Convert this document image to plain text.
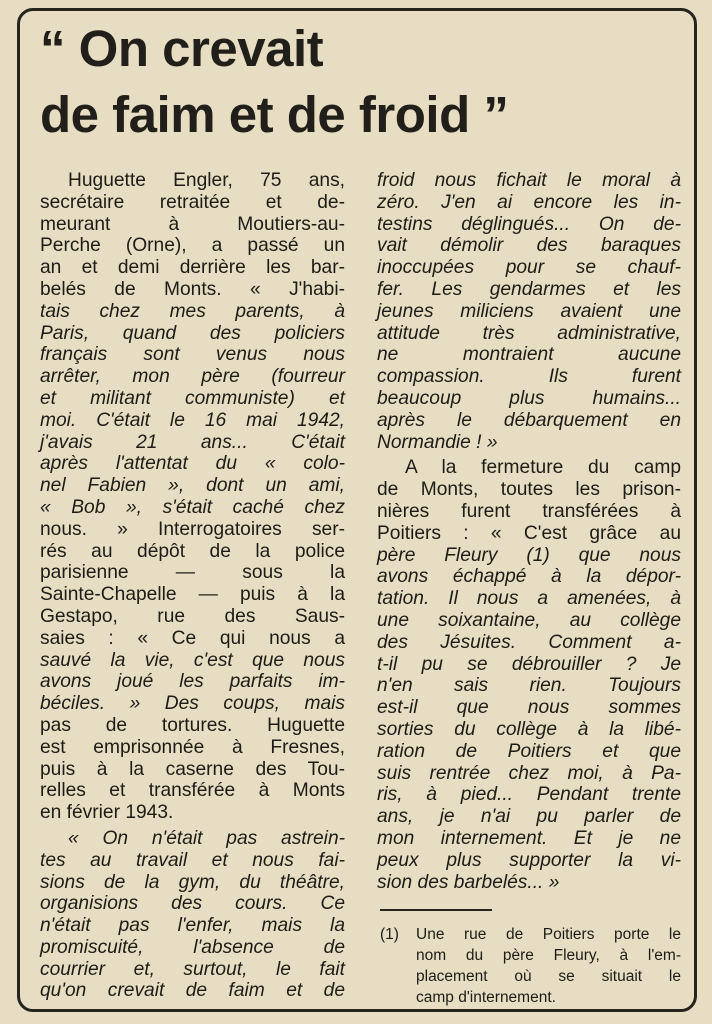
“ On crevait
de faim et de froid ”
Huguette Engler, 75 ans,
secrétaire retraitée et de-
meurant à Moutiers-au-
Perche (Orne), a passé un
an et demi derrière les bar-
belés de Monts. « J'habi-
tais chez mes parents, à
Paris, quand des policiers
français sont venus nous
arrêter, mon père (fourreur
et militant communiste) et
moi. C'était le 16 mai 1942,
j'avais 21 ans... C'était
après l'attentat du « colo-
nel Fabien », dont un ami,
« Bob », s'était caché chez
nous. » Interrogatoires ser-
rés au dépôt de la police
parisienne — sous la
Sainte-Chapelle — puis à la
Gestapo, rue des Saus-
saies : « Ce qui nous a
sauvé la vie, c'est que nous
avons joué les parfaits im-
béciles. » Des coups, mais
pas de tortures. Huguette
est emprisonnée à Fresnes,
puis à la caserne des Tou-
relles et transférée à Monts
en février 1943.
« On n'était pas astrein-
tes au travail et nous fai-
sions de la gym, du théâtre,
organisions des cours. Ce
n'était pas l'enfer, mais la
promiscuité, l'absence de
courrier et, surtout, le fait
qu'on crevait de faim et de
froid nous fichait le moral à
zéro. J'en ai encore les in-
testins déglingués... On de-
vait démolir des baraques
inoccupées pour se chauf-
fer. Les gendarmes et les
jeunes miliciens avaient une
attitude très administrative,
ne montraient aucune
compassion. Ils furent
beaucoup plus humains...
après le débarquement en
Normandie ! »
A la fermeture du camp
de Monts, toutes les prison-
nières furent transférées à
Poitiers : « C'est grâce au
père Fleury (1) que nous
avons échappé à la dépor-
tation. Il nous a amenées, à
une soixantaine, au collège
des Jésuites. Comment a-
t-il pu se débrouiller ? Je
n'en sais rien. Toujours
est-il que nous sommes
sorties du collège à la libé-
ration de Poitiers et que
suis rentrée chez moi, à Pa-
ris, à pied... Pendant trente
ans, je n'ai pu parler de
mon internement. Et je ne
peux plus supporter la vi-
sion des barbelés... »
(1) Une rue de Poitiers porte le
nom du père Fleury, à l'em-
placement où se situait le
camp d'internement.
